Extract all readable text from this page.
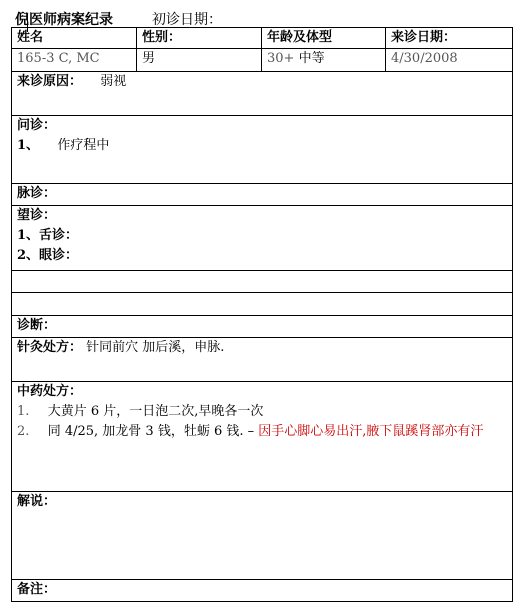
倪医师病案纪录	初诊日期：
姓名	性别：	年龄及体型	来诊日期：
165-3 C, MC	男	30+ 中等	4/30/2008
来诊原因： 弱视			

问诊：
1、 作疗程中			

脉诊：			

望诊：
1、舌诊：
2、眼诊：			

诊断：			
针灸处方： 针同前穴 加后溪，申脉.			

中药处方：
1. 大黄片 6 片，一日泡二次,早晚各一次
2. 同 4/25, 加龙骨 3 钱，牡蛎 6 钱. – 因手心脚心易出汗,腋下鼠蹊肾部亦有汗			

解说：			
备注：			
